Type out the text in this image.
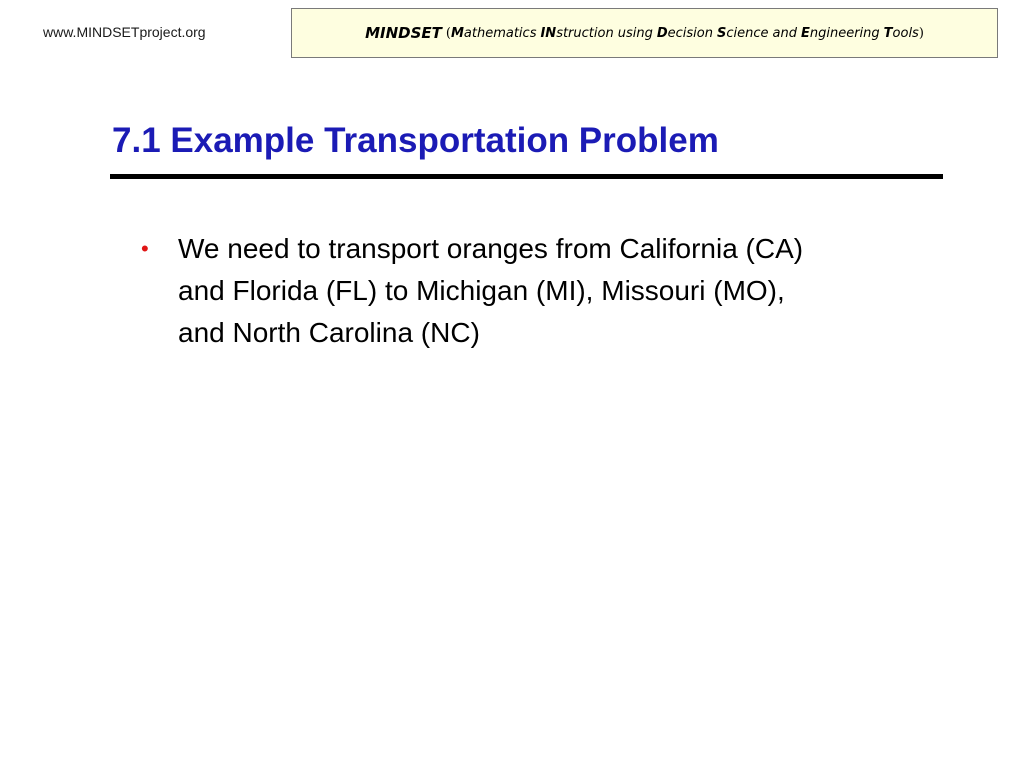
www.MINDSETproject.org	MINDSET ( Mathematics INstruction using Decision Science and Engineering Tools )
7.1 Example Transportation Problem
•	We need to transport oranges from California (CA)
and Florida (FL) to Michigan (MI), Missouri (MO),
and North Carolina (NC)
